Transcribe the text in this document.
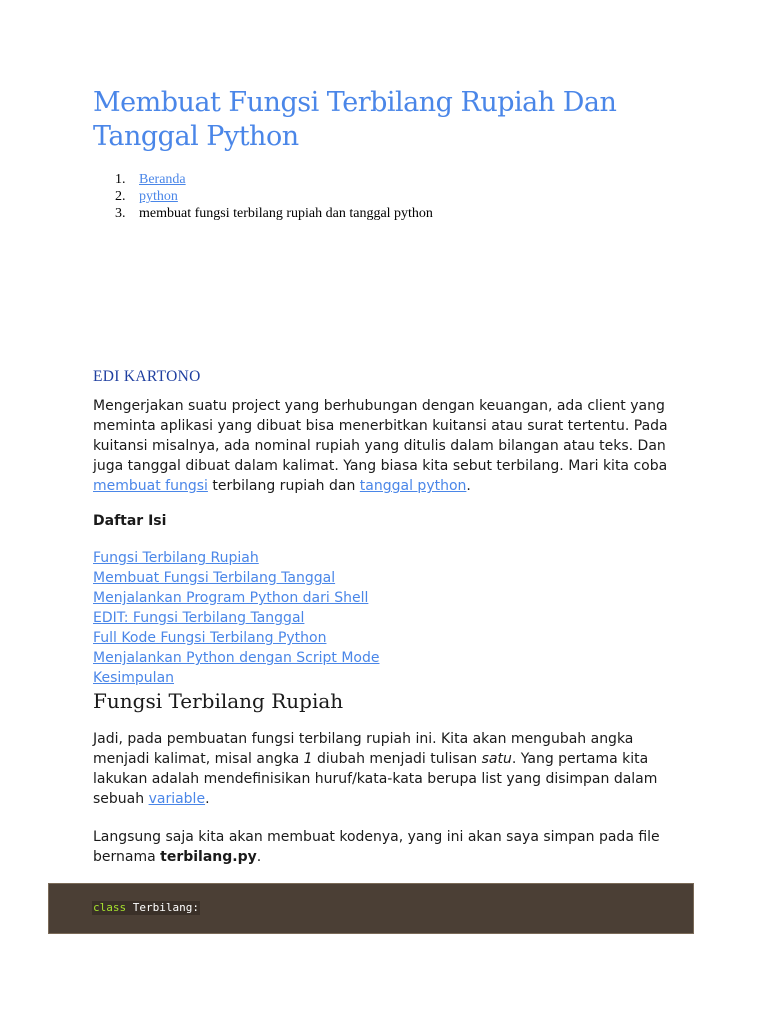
Membuat Fungsi Terbilang Rupiah Dan Tanggal Python
1. Beranda
2. python
3. membuat fungsi terbilang rupiah dan tanggal python
EDI KARTONO

Mengerjakan suatu project yang berhubungan dengan keuangan, ada client yang meminta aplikasi yang dibuat bisa menerbitkan kuitansi atau surat tertentu. Pada kuitansi misalnya, ada nominal rupiah yang ditulis dalam bilangan atau teks. Dan juga tanggal dibuat dalam kalimat. Yang biasa kita sebut terbilang. Mari kita coba membuat fungsi terbilang rupiah dan tanggal python.

Daftar Isi
Fungsi Terbilang Rupiah
Membuat Fungsi Terbilang Tanggal
Menjalankan Program Python dari Shell
EDIT: Fungsi Terbilang Tanggal
Full Kode Fungsi Terbilang Python
Menjalankan Python dengan Script Mode
Kesimpulan
Fungsi Terbilang Rupiah

Jadi, pada pembuatan fungsi terbilang rupiah ini. Kita akan mengubah angka menjadi kalimat, misal angka 1 diubah menjadi tulisan satu. Yang pertama kita lakukan adalah mendefinisikan huruf/kata-kata berupa list yang disimpan dalam sebuah variable.

Langsung saja kita akan membuat kodenya, yang ini akan saya simpan pada file bernama terbilang.py.

class Terbilang:
